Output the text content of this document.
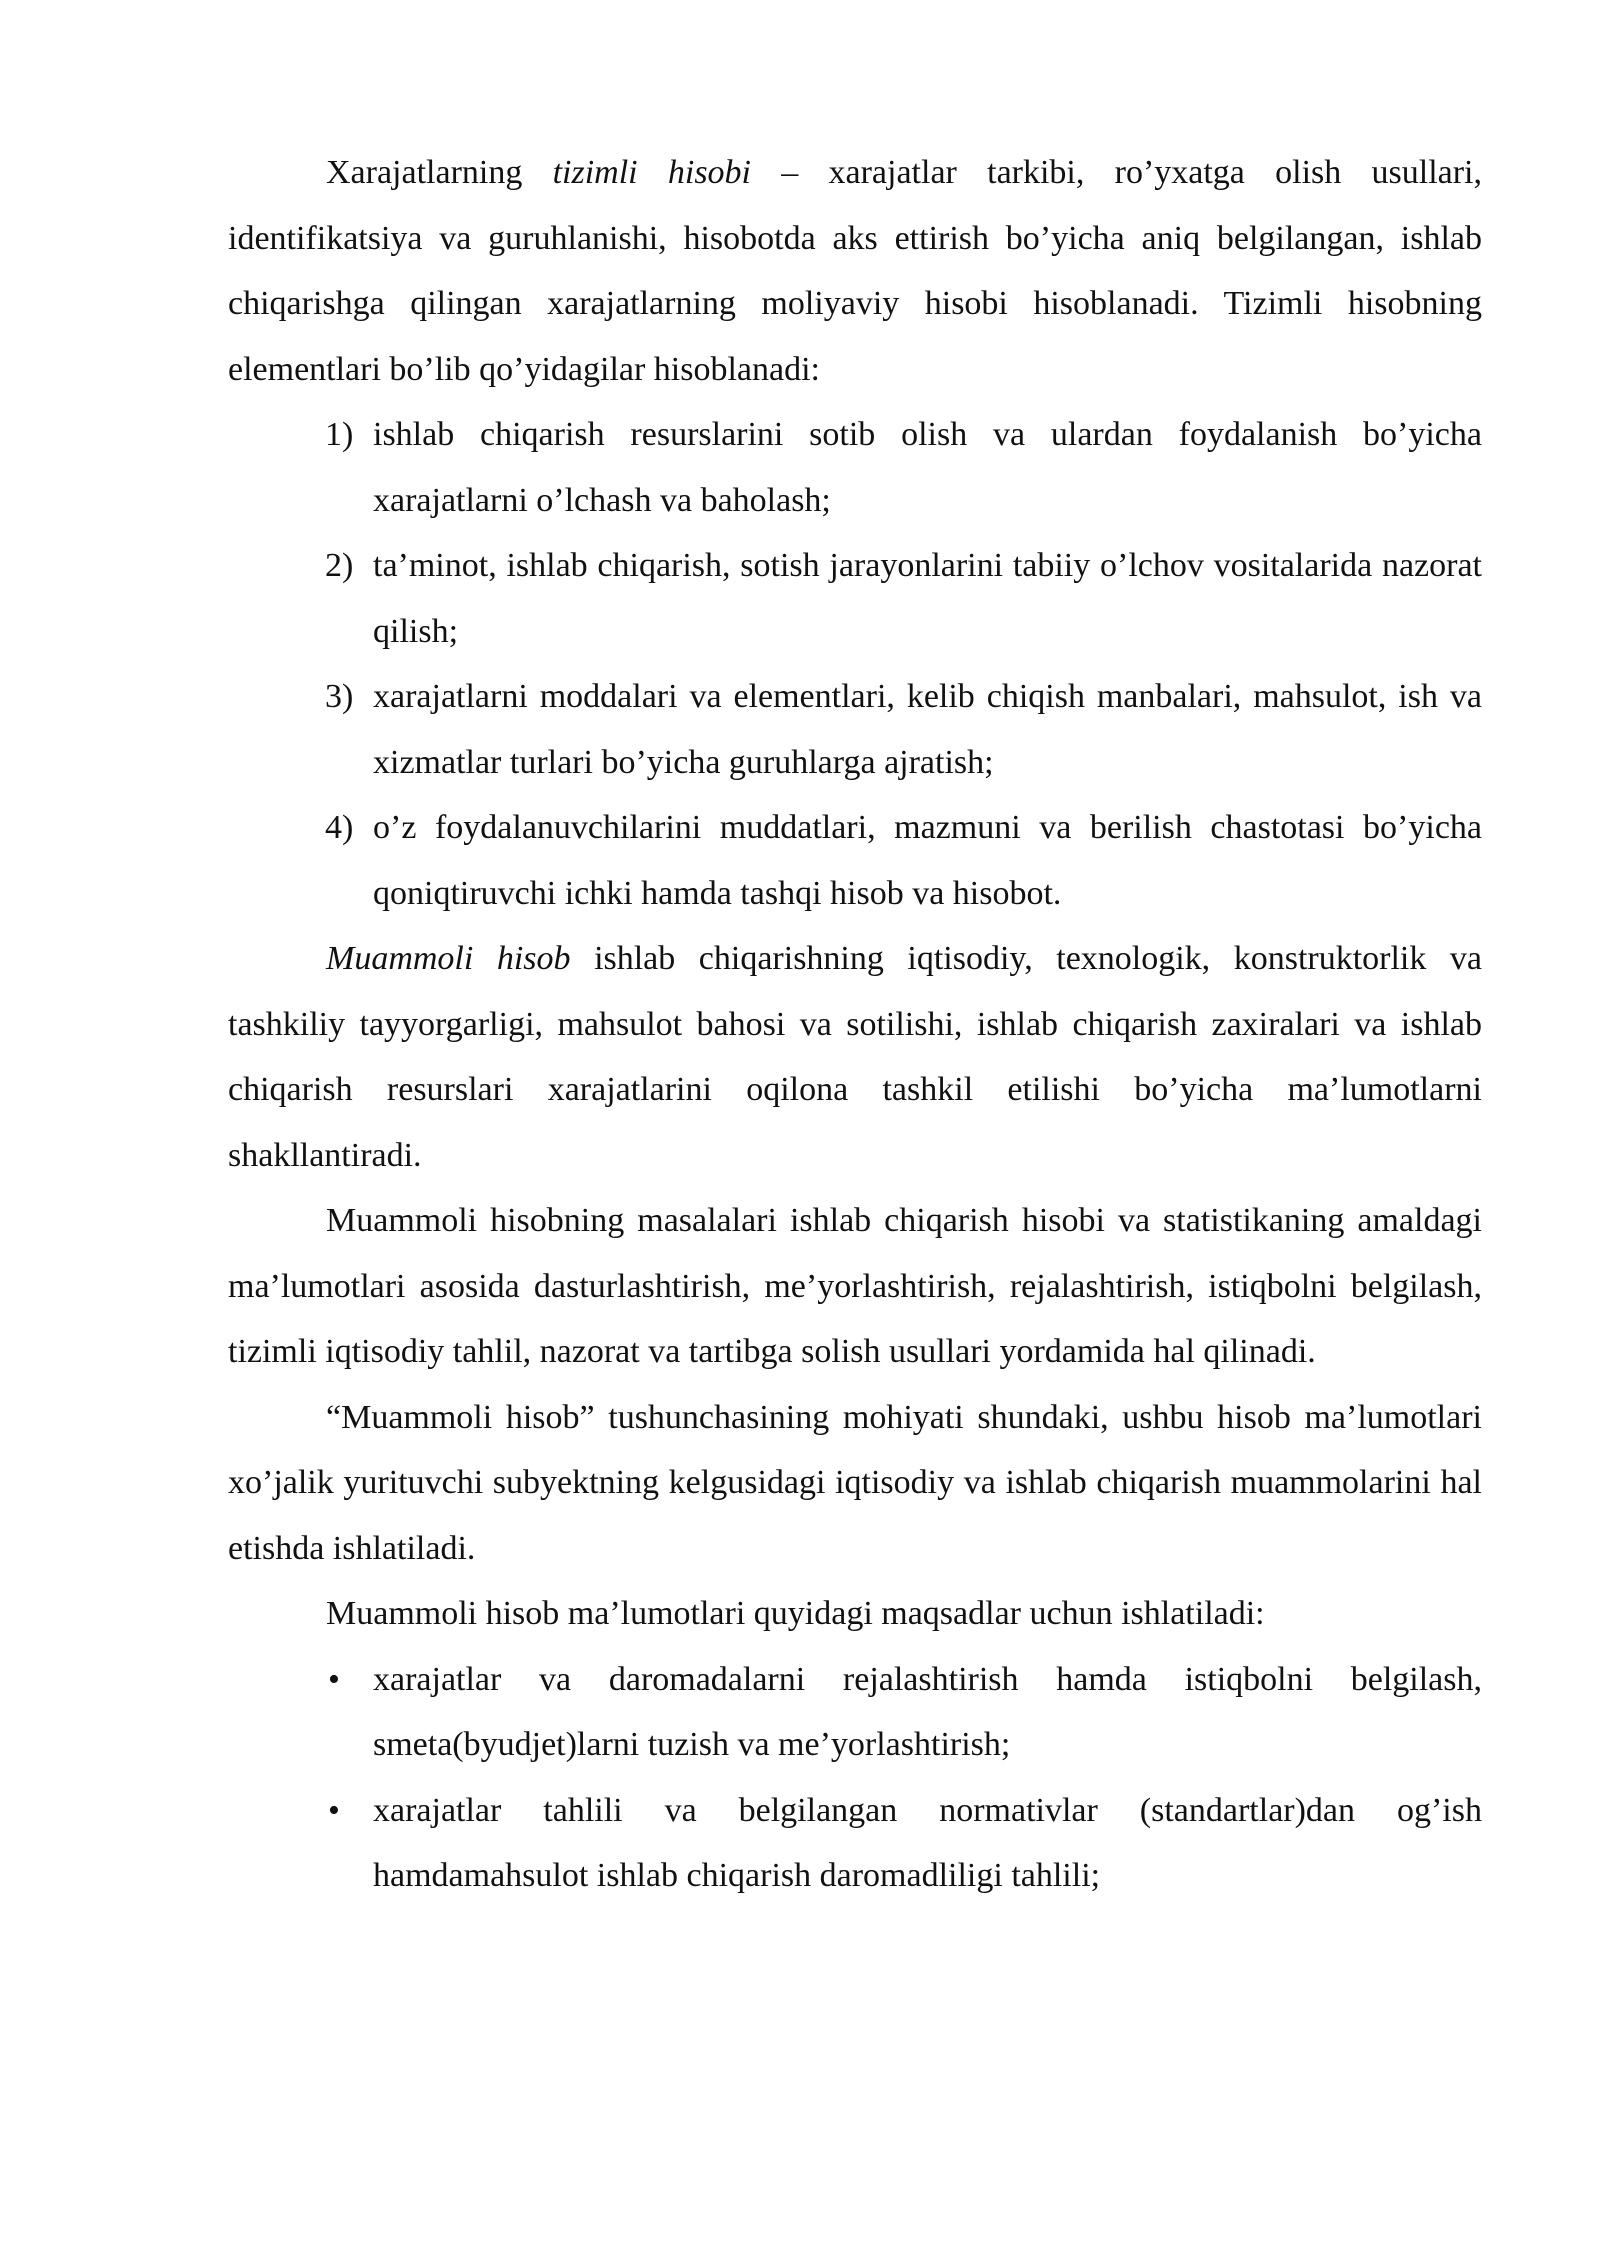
Xarajatlarning tizimli hisobi – xarajatlar tarkibi, ro’yxatga olish usullari, identifikatsiya va guruhlanishi, hisobotda aks ettirish bo’yicha aniq belgilangan, ishlab chiqarishga qilingan xarajatlarning moliyaviy hisobi hisoblanadi. Tizimli hisobning elementlari bo’lib qo’yidagilar hisoblanadi:

1) ishlab chiqarish resurslarini sotib olish va ulardan foydalanish bo’yicha xarajatlarni o’lchash va baholash;
2) ta’minot, ishlab chiqarish, sotish jarayonlarini tabiiy o’lchov vositalarida nazorat qilish;
3) xarajatlarni moddalari va elementlari, kelib chiqish manbalari, mahsulot, ish va xizmatlar turlari bo’yicha guruhlarga ajratish;
4) o’z foydalanuvchilarini muddatlari, mazmuni va berilish chastotasi bo’yicha qoniqtiruvchi ichki hamda tashqi hisob va hisobot.

Muammoli hisob ishlab chiqarishning iqtisodiy, texnologik, konstruktorlik va tashkiliy tayyorgarligi, mahsulot bahosi va sotilishi, ishlab chiqarish zaxiralari va ishlab chiqarish resurslari xarajatlarini oqilona tashkil etilishi bo’yicha ma’lumotlarni shakllantiradi.

Muammoli hisobning masalalari ishlab chiqarish hisobi va statistikaning amaldagi ma’lumotlari asosida dasturlashtirish, me’yorlashtirish, rejalashtirish, istiqbolni belgilash, tizimli iqtisodiy tahlil, nazorat va tartibga solish usullari yordamida hal qilinadi.

“Muammoli hisob” tushunchasining mohiyati shundaki, ushbu hisob ma’lumotlari xo’jalik yurituvchi subyektning kelgusidagi iqtisodiy va ishlab chiqarish muammolarini hal etishda ishlatiladi.

Muammoli hisob ma’lumotlari quyidagi maqsadlar uchun ishlatiladi:

• xarajatlar va daromadalarni rejalashtirish hamda istiqbolni belgilash, smeta(byudjet)larni tuzish va me’yorlashtirish;
• xarajatlar tahlili va belgilangan normativlar (standartlar)dan og’ish hamdamahsulot ishlab chiqarish daromadliligi tahlili;
